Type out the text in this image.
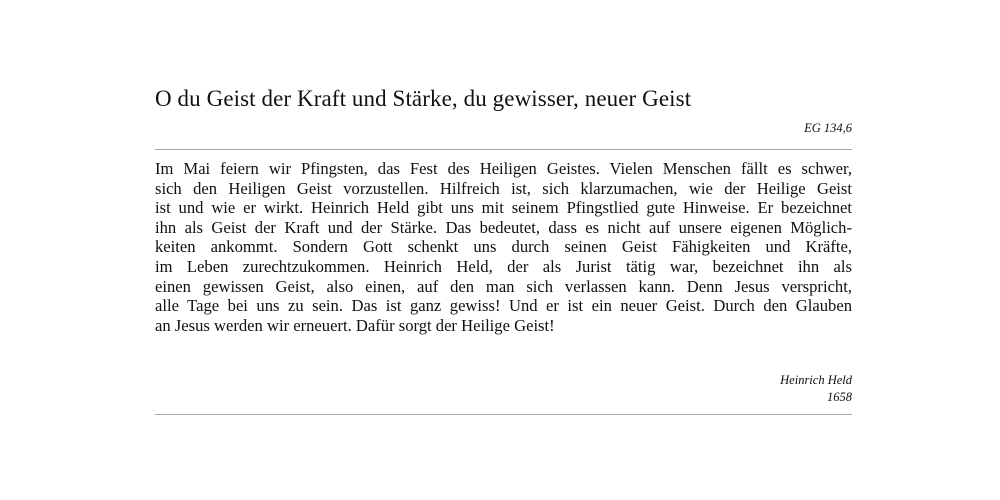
O du Geist der Kraft und Stärke, du gewisser, neuer Geist
EG 134,6
Im Mai feiern wir Pfingsten, das Fest des Heiligen Geistes. Vielen Menschen fällt es schwer,
sich den Heiligen Geist vorzustellen. Hilfreich ist, sich klarzumachen, wie der Heilige Geist
ist und wie er wirkt. Heinrich Held gibt uns mit seinem Pfingstlied gute Hinweise. Er bezeichnet
ihn als Geist der Kraft und der Stärke. Das bedeutet, dass es nicht auf unsere eigenen Möglich-
keiten ankommt. Sondern Gott schenkt uns durch seinen Geist Fähigkeiten und Kräfte,
im Leben zurechtzukommen. Heinrich Held, der als Jurist tätig war, bezeichnet ihn als
einen gewissen Geist, also einen, auf den man sich verlassen kann. Denn Jesus verspricht,
alle Tage bei uns zu sein. Das ist ganz gewiss! Und er ist ein neuer Geist. Durch den Glauben
an Jesus werden wir erneuert. Dafür sorgt der Heilige Geist!
Heinrich Held
1658
